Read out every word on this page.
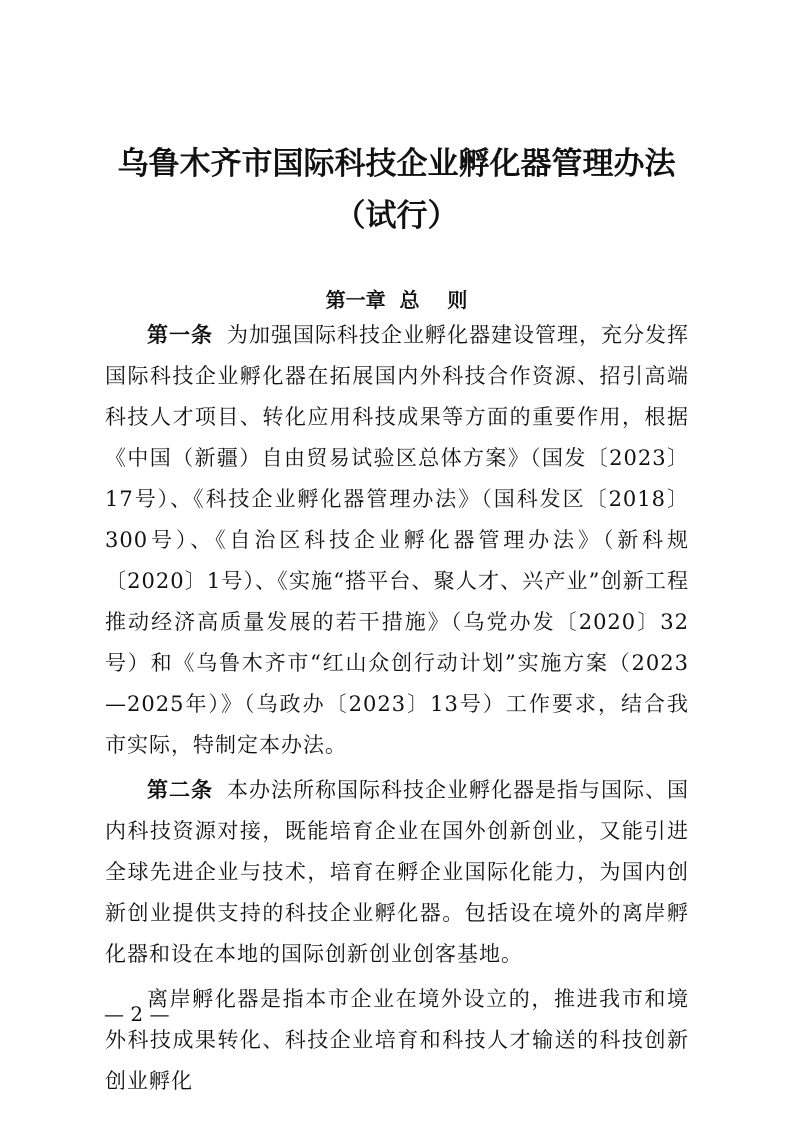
乌鲁木齐市国际科技企业孵化器管理办法
（试行）
第一章  总    则

第一条 为加强国际科技企业孵化器建设管理，充分发挥国际科技企业孵化器在拓展国内外科技合作资源、招引高端科技人才项目、转化应用科技成果等方面的重要作用，根据《中国（新疆）自由贸易试验区总体方案》（国发〔2023〕17号）、《科技企业孵化器管理办法》（国科发区〔2018〕300号）、《自治区科技企业孵化器管理办法》（新科规〔2020〕1号）、《实施“搭平台、聚人才、兴产业”创新工程推动经济高质量发展的若干措施》（乌党办发〔2020〕32号）和《乌鲁木齐市“红山众创行动计划”实施方案（2023—2025年）》（乌政办〔2023〕13号）工作要求，结合我市实际，特制定本办法。

第二条 本办法所称国际科技企业孵化器是指与国际、国内科技资源对接，既能培育企业在国外创新创业，又能引进全球先进企业与技术，培育在孵企业国际化能力，为国内创新创业提供支持的科技企业孵化器。包括设在境外的离岸孵化器和设在本地的国际创新创业创客基地。

离岸孵化器是指本市企业在境外设立的，推进我市和境外科技成果转化、科技企业培育和科技人才输送的科技创新创业孵化

— 2 —
